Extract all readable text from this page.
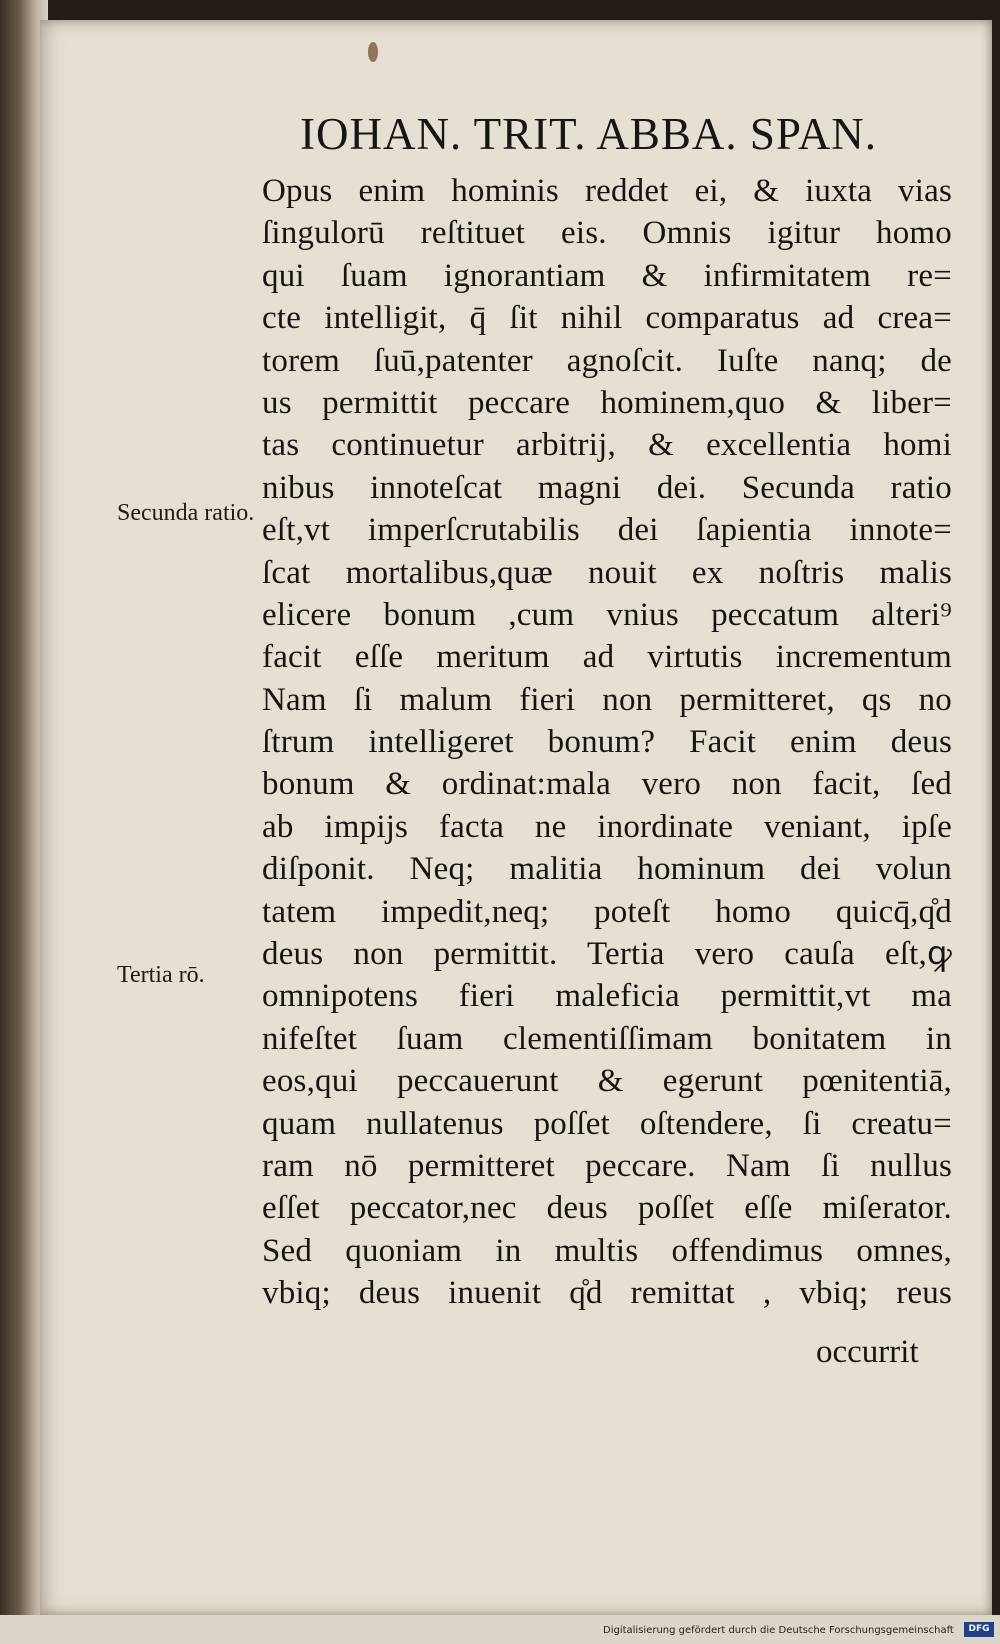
IOHAN. TRIT. ABBA. SPAN.
Secunda ratio.
Tertia rō.
Opus enim hominis reddet ei, & iuxta vias
ſingulorū reſtituet eis. Omnis igitur homo
qui ſuam ignorantiam & infirmitatem re=
cte intelligit, q̄ ſit nihil comparatus ad crea=
torem ſuū,patenter agnoſcit. Iuſte nanq; de
us permittit peccare hominem,quo & liber=
tas continuetur arbitrij, & excellentia homi
nibus innoteſcat magni dei. Secunda ratio
eſt,vt imperſcrutabilis dei ſapientia innote=
ſcat mortalibus,quæ nouit ex noſtris malis
elicere bonum ,cum vnius peccatum alteri⁹
facit eſſe meritum ad virtutis incrementum
Nam ſi malum fieri non permitteret, qs no
ſtrum intelligeret bonum? Facit enim deus
bonum & ordinat:mala vero non facit, ſed
ab impijs facta ne inordinate veniant, ipſe
diſponit. Neq; malitia hominum dei volun
tatem impedit,neq; poteſt homo quicq̄,q̊d
deus non permittit. Tertia vero cauſa eſt,ꝙ
omnipotens fieri maleficia permittit,vt ma
nifeſtet ſuam clementiſſimam bonitatem in
eos,qui peccauerunt & egerunt pœnitentiā,
quam nullatenus poſſet oſtendere, ſi creatu=
ram nō permitteret peccare. Nam ſi nullus
eſſet peccator,nec deus poſſet eſſe miſerator.
Sed quoniam in multis offendimus omnes,
vbiq; deus inuenit q̊d remittat , vbiq; reus
occurrit
Digitalisierung gefördert durch die Deutsche Forschungsgemeinschaft	DFG
